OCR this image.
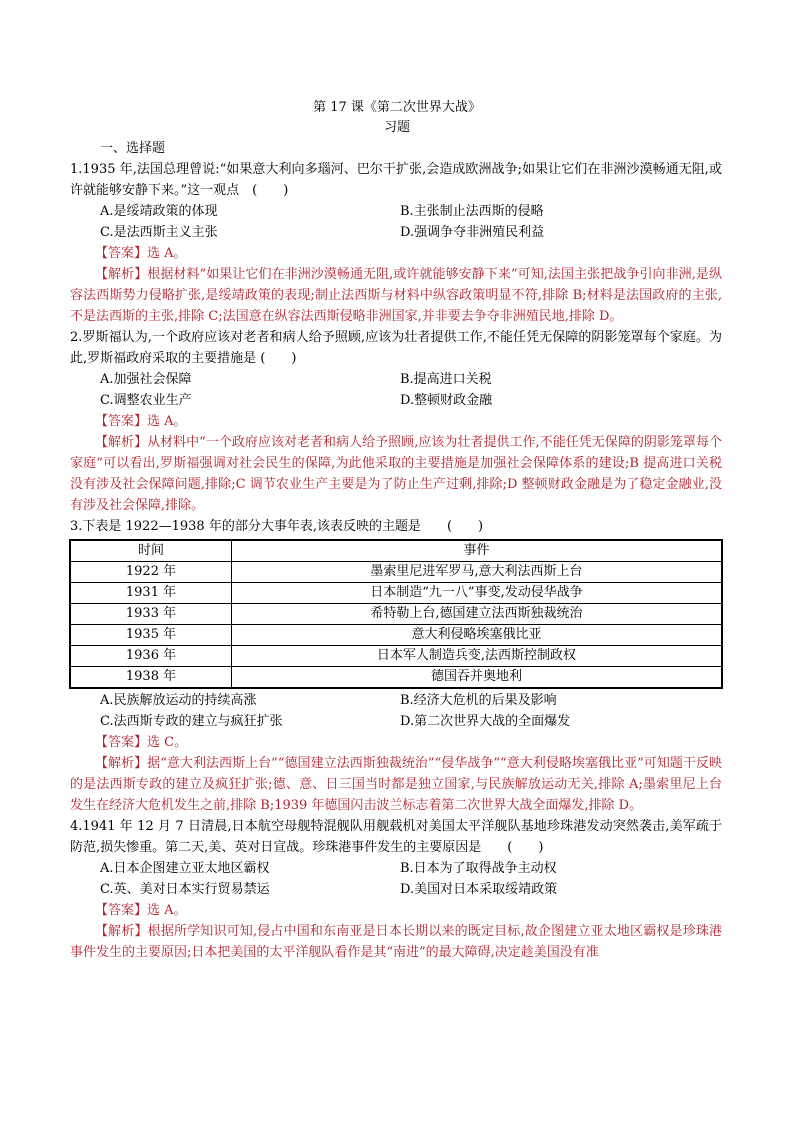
第 17 课《第二次世界大战》
习题

一、选择题

1.1935 年,法国总理曾说:“如果意大利向多瑙河、巴尔干扩张,会造成欧洲战争;如果让它们在非洲沙漠畅通无阻,或许就能够安静下来。”这一观点　(　　)

A.是绥靖政策的体现	B.主张制止法西斯的侵略

C.是法西斯主义主张	D.强调争夺非洲殖民利益

【答案】选 A。

【解析】根据材料“如果让它们在非洲沙漠畅通无阻,或许就能够安静下来”可知,法国主张把战争引向非洲,是纵容法西斯势力侵略扩张,是绥靖政策的表现;制止法西斯与材料中纵容政策明显不符,排除 B;材料是法国政府的主张,不是法西斯的主张,排除 C;法国意在纵容法西斯侵略非洲国家,并非要去争夺非洲殖民地,排除 D。

2.罗斯福认为,一个政府应该对老者和病人给予照顾,应该为壮者提供工作,不能任凭无保障的阴影笼罩每个家庭。为此,罗斯福政府采取的主要措施是 (　　)

A.加强社会保障	B.提高进口关税

C.调整农业生产	D.整顿财政金融

【答案】选 A。

【解析】从材料中“一个政府应该对老者和病人给予照顾,应该为壮者提供工作,不能任凭无保障的阴影笼罩每个家庭”可以看出,罗斯福强调对社会民生的保障,为此他采取的主要措施是加强社会保障体系的建设;B 提高进口关税没有涉及社会保障问题,排除;C 调节农业生产主要是为了防止生产过剩,排除;D 整顿财政金融是为了稳定金融业,没有涉及社会保障,排除。

3.下表是 1922—1938 年的部分大事年表,该表反映的主题是　　(　　)

时间	事件
1922 年	墨索里尼进军罗马,意大利法西斯上台
1931 年	日本制造“九一八”事变,发动侵华战争
1933 年	希特勒上台,德国建立法西斯独裁统治
1935 年	意大利侵略埃塞俄比亚
1936 年	日本军人制造兵变,法西斯控制政权
1938 年	德国吞并奥地利

A.民族解放运动的持续高涨	B.经济大危机的后果及影响

C.法西斯专政的建立与疯狂扩张	D.第二次世界大战的全面爆发

【答案】选 C。

【解析】据“意大利法西斯上台”“德国建立法西斯独裁统治”“侵华战争”“意大利侵略埃塞俄比亚”可知题干反映的是法西斯专政的建立及疯狂扩张;德、意、日三国当时都是独立国家,与民族解放运动无关,排除 A;墨索里尼上台发生在经济大危机发生之前,排除 B;1939 年德国闪击波兰标志着第二次世界大战全面爆发,排除 D。

4.1941 年 12 月 7 日清晨,日本航空母舰特混舰队用舰载机对美国太平洋舰队基地珍珠港发动突然袭击,美军疏于防范,损失惨重。第二天,美、英对日宣战。珍珠港事件发生的主要原因是　　(　　)

A.日本企图建立亚太地区霸权	B.日本为了取得战争主动权

C.英、美对日本实行贸易禁运	D.美国对日本采取绥靖政策

【答案】选 A。

【解析】根据所学知识可知,侵占中国和东南亚是日本长期以来的既定目标,故企图建立亚太地区霸权是珍珠港事件发生的主要原因;日本把美国的太平洋舰队看作是其“南进”的最大障碍,决定趁美国没有准
